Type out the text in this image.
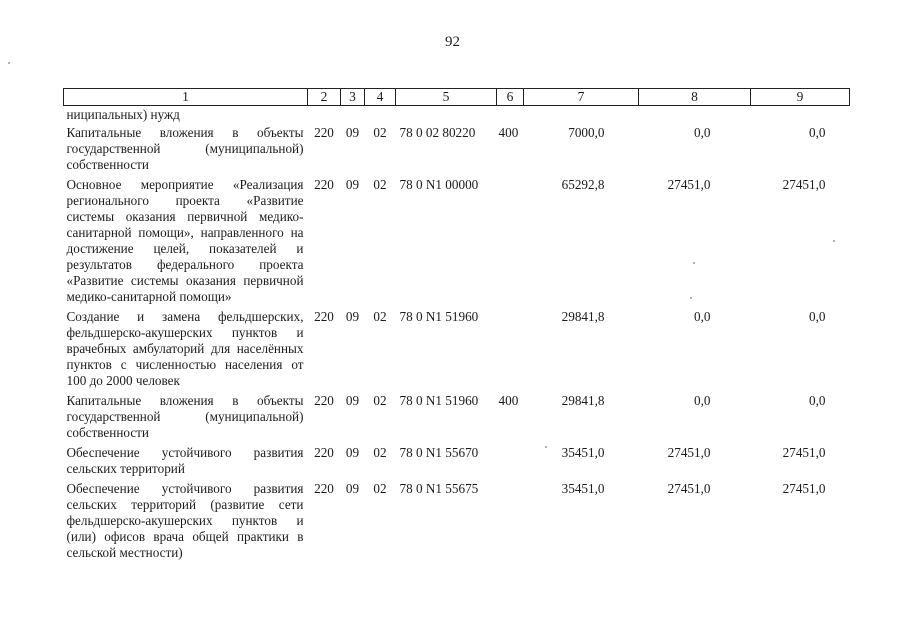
92
1	2	3	4	5	6	7	8	9
ниципальных) нужд								
Капитальные вложения в объекты государственной (муниципальной) собственности	220	09	02	78 0 02 80220	400	7000,0	0,0	0,0
Основное мероприятие «Реализация регионального проекта «Развитие системы оказания первичной медико-санитарной помощи», направленного на достижение целей, показателей и результатов федерального проекта «Развитие системы оказания первичной медико-санитарной помощи»	220	09	02	78 0 N1 00000		65292,8	27451,0	27451,0
Создание и замена фельдшерских, фельдшерско-акушерских пунктов и врачебных амбулаторий для населённых пунктов с численностью населения от 100 до 2000 человек	220	09	02	78 0 N1 51960		29841,8	0,0	0,0
Капитальные вложения в объекты государственной (муниципальной) собственности	220	09	02	78 0 N1 51960	400	29841,8	0,0	0,0
Обеспечение устойчивого развития сельских территорий	220	09	02	78 0 N1 55670		35451,0	27451,0	27451,0
Обеспечение устойчивого развития сельских территорий (развитие сети фельдшерско-акушерских пунктов и (или) офисов врача общей практики в сельской местности)	220	09	02	78 0 N1 55675		35451,0	27451,0	27451,0
